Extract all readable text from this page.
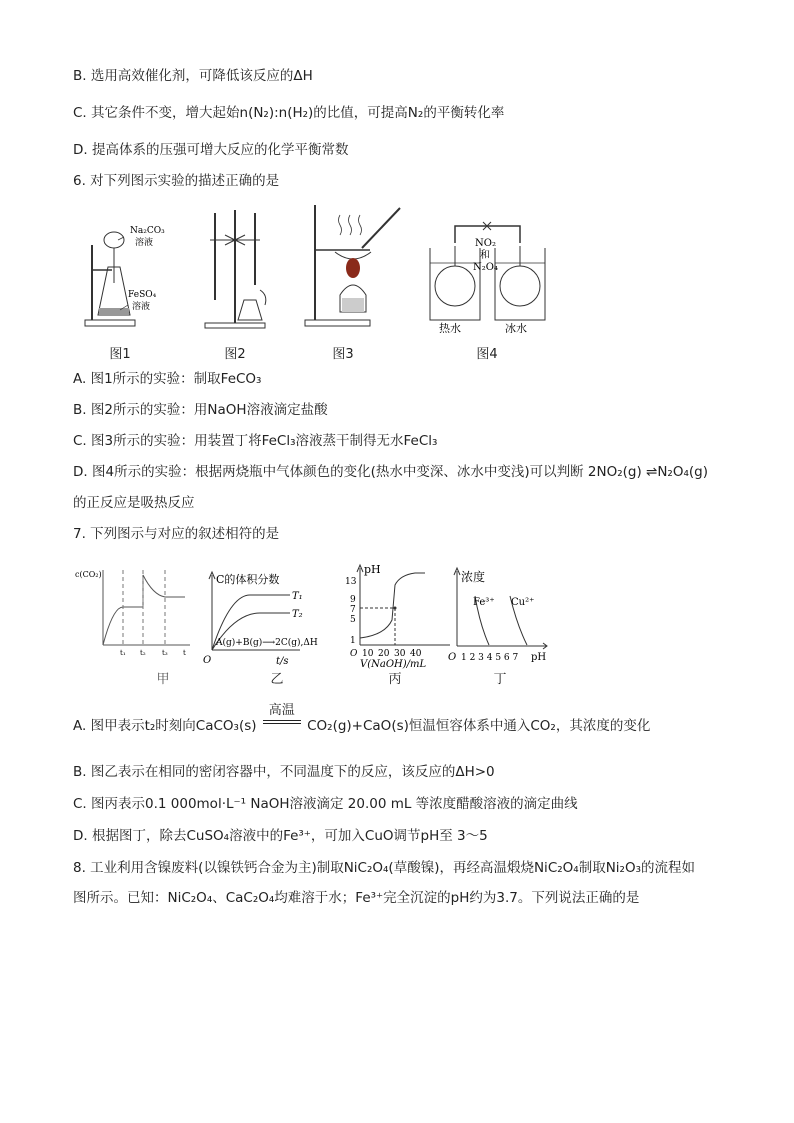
B. 选用高效催化剂，可降低该反应的ΔH
C. 其它条件不变，增大起始n(N₂):n(H₂)的比值，可提高N₂的平衡转化率
D. 提高体系的压强可增大反应的化学平衡常数
6. 对下列图示实验的描述正确的是
Na₂CO₃
溶液
FeSO₄
溶液
图1	图2	图3
NO₂
和
N₂O₄
热水	冰水
图4
A. 图1所示的实验：制取FeCO₃
B. 图2所示的实验：用NaOH溶液滴定盐酸
C. 图3所示的实验：用装置丁将FeCl₃溶液蒸干制得无水FeCl₃
D. 图4所示的实验：根据两烧瓶中气体颜色的变化(热水中变深、冰水中变浅)可以判断 2NO₂(g) ⇌N₂O₄(g)
的正反应是吸热反应
7. 下列图示与对应的叙述相符的是
c(CO₂)
t₁ t₂ t₃ t
甲
C的体积分数
T₁
T₂
A(g)+B(g)⟶2C(g),ΔH
O	t/s
乙
pH
13
9
7
5
1
10 20 30 40
O
V(NaOH)/mL
丙
浓度
Fe³⁺ Cu²⁺
O 1 2 3 4 5 6 7 pH
丁
A. 图甲表示t₂时刻向CaCO₃(s)
高温
CO₂(g)+CaO(s)恒温恒容体系中通入CO₂，其浓度的变化
B. 图乙表示在相同的密闭容器中，不同温度下的反应，该反应的ΔH>0
C. 图丙表示0.1 000mol·L⁻¹ NaOH溶液滴定 20.00 mL 等浓度醋酸溶液的滴定曲线
D. 根据图丁，除去CuSO₄溶液中的Fe³⁺，可加入CuO调节pH至 3～5
8. 工业利用含镍废料(以镍铁钙合金为主)制取NiC₂O₄(草酸镍)，再经高温煅烧NiC₂O₄制取Ni₂O₃的流程如
图所示。已知：NiC₂O₄、CaC₂O₄均难溶于水；Fe³⁺完全沉淀的pH约为3.7。下列说法正确的是
